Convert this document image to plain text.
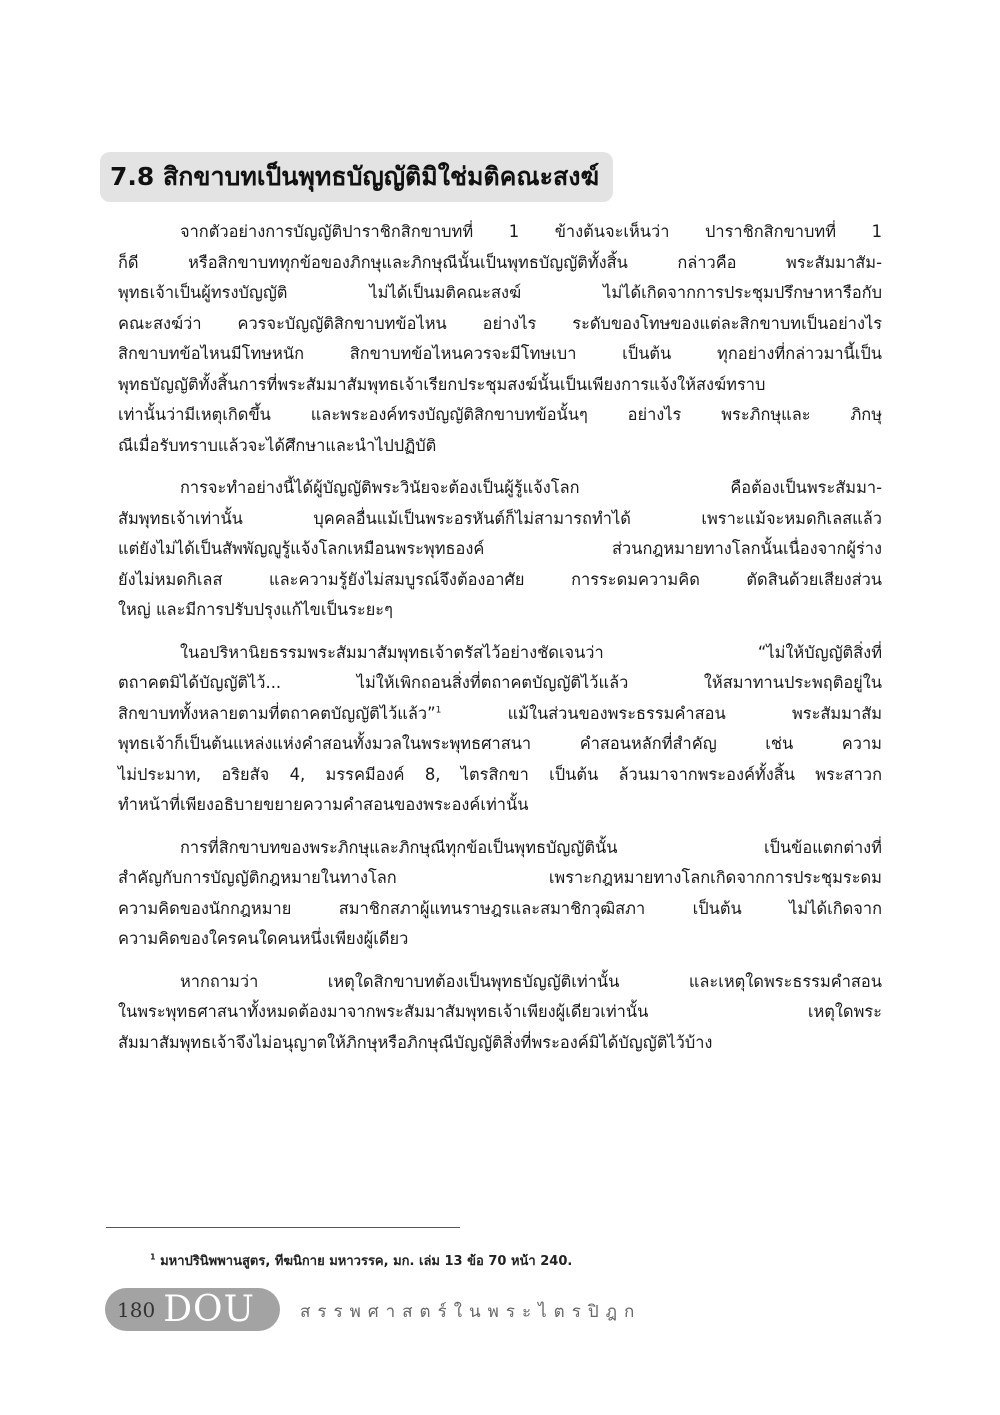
7.8 สิกขาบทเป็นพุทธบัญญัติมิใช่มติคณะสงฆ์
จากตัวอย่างการบัญญัติปาราชิกสิกขาบทที่ 1 ข้างต้นจะเห็นว่า ปาราชิกสิกขาบทที่ 1
ก็ดี หรือสิกขาบททุกข้อของภิกษุและภิกษุณีนั้นเป็นพุทธบัญญัติทั้งสิ้น กล่าวคือ พระสัมมาสัม-
พุทธเจ้าเป็นผู้ทรงบัญญัติ ไม่ได้เป็นมติคณะสงฆ์ ไม่ได้เกิดจากการประชุมปรึกษาหารือกับ
คณะสงฆ์ว่า ควรจะบัญญัติสิกขาบทข้อไหน อย่างไร ระดับของโทษของแต่ละสิกขาบทเป็นอย่างไร
สิกขาบทข้อไหนมีโทษหนัก สิกขาบทข้อไหนควรจะมีโทษเบา เป็นต้น ทุกอย่างที่กล่าวมานี้เป็น
พุทธบัญญัติทั้งสิ้นการที่พระสัมมาสัมพุทธเจ้าเรียกประชุมสงฆ์นั้นเป็นเพียงการแจ้งให้สงฆ์ทราบ
เท่านั้นว่ามีเหตุเกิดขึ้น และพระองค์ทรงบัญญัติสิกขาบทข้อนั้นๆ อย่างไร พระภิกษุและ ภิกษุ
ณีเมื่อรับทราบแล้วจะได้ศึกษาและนำไปปฏิบัติ
การจะทำอย่างนี้ได้ผู้บัญญัติพระวินัยจะต้องเป็นผู้รู้แจ้งโลก คือต้องเป็นพระสัมมา-
สัมพุทธเจ้าเท่านั้น บุคคลอื่นแม้เป็นพระอรหันต์ก็ไม่สามารถทำได้ เพราะแม้จะหมดกิเลสแล้ว
แต่ยังไม่ได้เป็นสัพพัญญูรู้แจ้งโลกเหมือนพระพุทธองค์ ส่วนกฎหมายทางโลกนั้นเนื่องจากผู้ร่าง
ยังไม่หมดกิเลส และความรู้ยังไม่สมบูรณ์จึงต้องอาศัย การระดมความคิด ตัดสินด้วยเสียงส่วน
ใหญ่ และมีการปรับปรุงแก้ไขเป็นระยะๆ
ในอปริหานิยธรรมพระสัมมาสัมพุทธเจ้าตรัสไว้อย่างชัดเจนว่า “ไม่ให้บัญญัติสิ่งที่
ตถาคตมิได้บัญญัติไว้... ไม่ให้เพิกถอนสิ่งที่ตถาคตบัญญัติไว้แล้ว ให้สมาทานประพฤติอยู่ใน
สิกขาบททั้งหลายตามที่ตถาคตบัญญัติไว้แล้ว”$^1$ แม้ในส่วนของพระธรรมคำสอน พระสัมมาสัม
พุทธเจ้าก็เป็นต้นแหล่งแห่งคำสอนทั้งมวลในพระพุทธศาสนา คำสอนหลักที่สำคัญ เช่น ความ
ไม่ประมาท, อริยสัจ 4, มรรคมีองค์ 8, ไตรสิกขา เป็นต้น ล้วนมาจากพระองค์ทั้งสิ้น พระสาวก
ทำหน้าที่เพียงอธิบายขยายความคำสอนของพระองค์เท่านั้น
การที่สิกขาบทของพระภิกษุและภิกษุณีทุกข้อเป็นพุทธบัญญัตินั้น เป็นข้อแตกต่างที่
สำคัญกับการบัญญัติกฎหมายในทางโลก เพราะกฎหมายทางโลกเกิดจากการประชุมระดม
ความคิดของนักกฎหมาย สมาชิกสภาผู้แทนราษฎรและสมาชิกวุฒิสภา เป็นต้น ไม่ได้เกิดจาก
ความคิดของใครคนใดคนหนึ่งเพียงผู้เดียว
หากถามว่า เหตุใดสิกขาบทต้องเป็นพุทธบัญญัติเท่านั้น และเหตุใดพระธรรมคำสอน
ในพระพุทธศาสนาทั้งหมดต้องมาจากพระสัมมาสัมพุทธเจ้าเพียงผู้เดียวเท่านั้น เหตุใดพระ
สัมมาสัมพุทธเจ้าจึงไม่อนุญาตให้ภิกษุหรือภิกษุณีบัญญัติสิ่งที่พระองค์มิได้บัญญัติไว้บ้าง
$^1$ มหาปรินิพพานสูตร, ทีฆนิกาย มหาวรรค, มก. เล่ม 13 ข้อ 70 หน้า 240.
180 DOU	สรรพศาสตร์ในพระไตรปิฎก
